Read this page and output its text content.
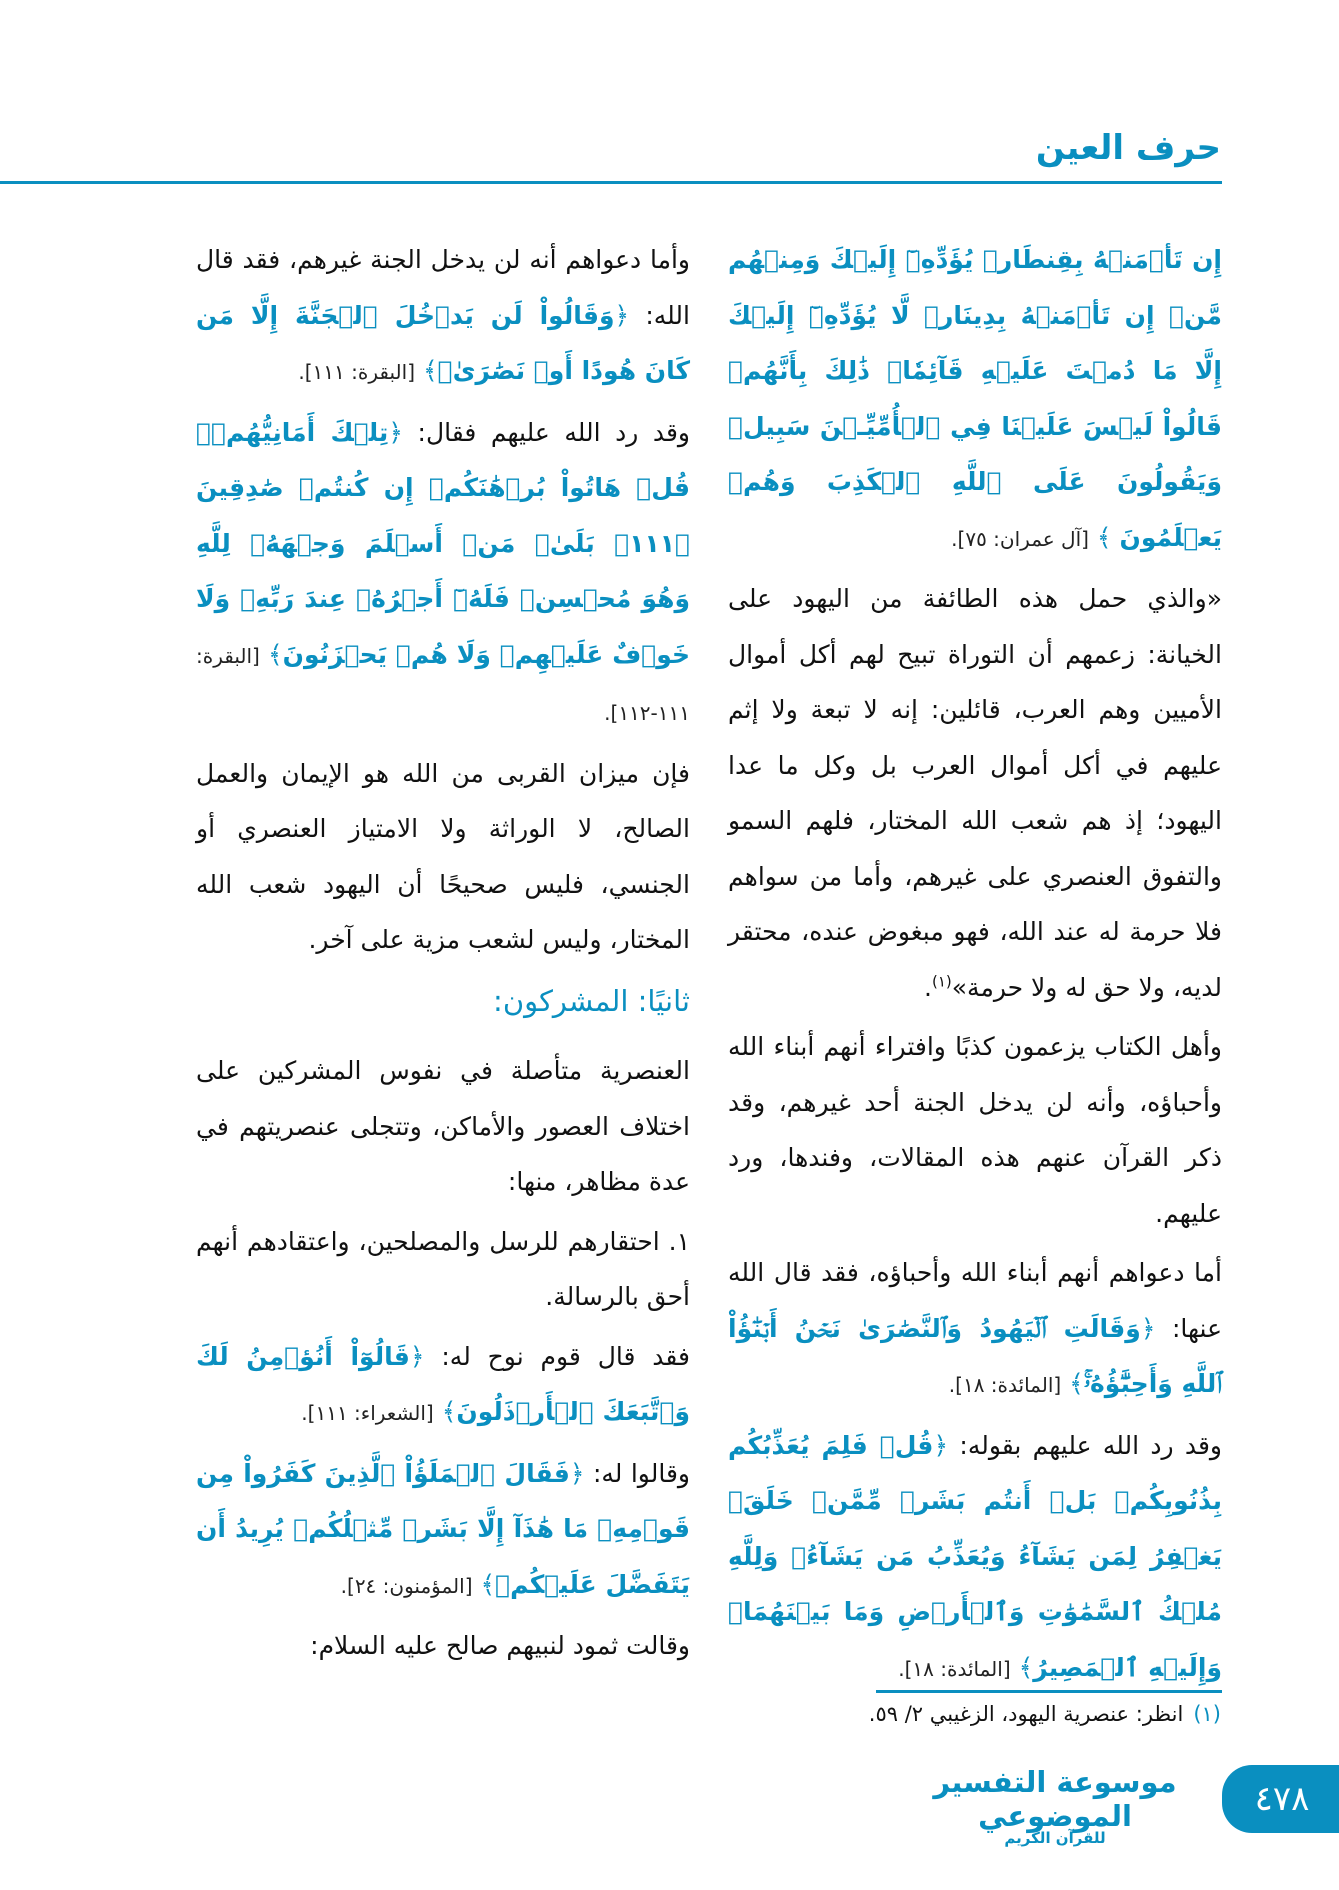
حرف العين

إِن تَأۡمَنۡهُ بِقِنطَارٖ يُؤَدِّهِۦٓ إِلَيۡكَ وَمِنۡهُم مَّنۡ إِن تَأۡمَنۡهُ بِدِينَارٖ لَّا يُؤَدِّهِۦٓ إِلَيۡكَ إِلَّا مَا دُمۡتَ عَلَيۡهِ قَآئِمٗاۗ ذَٰلِكَ بِأَنَّهُمۡ قَالُواْ لَيۡسَ عَلَيۡنَا فِي ٱلۡأُمِّيِّـۧنَ سَبِيلٞ وَيَقُولُونَ عَلَى ٱللَّهِ ٱلۡكَذِبَ وَهُمۡ يَعۡلَمُونَ ﴾ [آل عمران: ٧٥].

«والذي حمل هذه الطائفة من اليهود على الخيانة: زعمهم أن التوراة تبيح لهم أكل أموال الأميين وهم العرب، قائلين: إنه لا تبعة ولا إثم عليهم في أكل أموال العرب بل وكل ما عدا اليهود؛ إذ هم شعب الله المختار، فلهم السمو والتفوق العنصري على غيرهم، وأما من سواهم فلا حرمة له عند الله، فهو مبغوض عنده، محتقر لديه، ولا حق له ولا حرمة»$^{(١)}$.

وأهل الكتاب يزعمون كذبًا وافتراء أنهم أبناء الله وأحباؤه، وأنه لن يدخل الجنة أحد غيرهم، وقد ذكر القرآن عنهم هذه المقالات، وفندها، ورد عليهم.

أما دعواهم أنهم أبناء الله وأحباؤه، فقد قال الله عنها: ﴿وَقَالَتِ ٱلۡيَهُودُ وَٱلنَّصَٰرَىٰ نَحۡنُ أَبۡنَٰٓؤُاْ ٱللَّهِ وَأَحِبَّٰٓؤُهُۥۚ﴾ [المائدة: ١٨].

وقد رد الله عليهم بقوله: ﴿قُلۡ فَلِمَ يُعَذِّبُكُم بِذُنُوبِكُمۖ بَلۡ أَنتُم بَشَرٞ مِّمَّنۡ خَلَقَۚ يَغۡفِرُ لِمَن يَشَآءُ وَيُعَذِّبُ مَن يَشَآءُۚ وَلِلَّهِ مُلۡكُ ٱلسَّمَٰوَٰتِ وَٱلۡأَرۡضِ وَمَا بَيۡنَهُمَاۖ وَإِلَيۡهِ ٱلۡمَصِيرُ﴾ [المائدة: ١٨].

وأما دعواهم أنه لن يدخل الجنة غيرهم، فقد قال الله: ﴿وَقَالُواْ لَن يَدۡخُلَ ٱلۡجَنَّةَ إِلَّا مَن كَانَ هُودًا أَوۡ نَصَٰرَىٰۗ﴾ [البقرة: ١١١].

وقد رد الله عليهم فقال: ﴿تِلۡكَ أَمَانِيُّهُمۡۗ قُلۡ هَاتُواْ بُرۡهَٰنَكُمۡ إِن كُنتُمۡ صَٰدِقِينَ ﴿١١١﴾ بَلَىٰۚ مَنۡ أَسۡلَمَ وَجۡهَهُۥ لِلَّهِ وَهُوَ مُحۡسِنٞ فَلَهُۥٓ أَجۡرُهُۥ عِندَ رَبِّهِۦ وَلَا خَوۡفٌ عَلَيۡهِمۡ وَلَا هُمۡ يَحۡزَنُونَ﴾ [البقرة: ١١١-١١٢].

فإن ميزان القربى من الله هو الإيمان والعمل الصالح، لا الوراثة ولا الامتياز العنصري أو الجنسي، فليس صحيحًا أن اليهود شعب الله المختار، وليس لشعب مزية على آخر.

ثانيًا: المشركون:

العنصرية متأصلة في نفوس المشركين على اختلاف العصور والأماكن، وتتجلى عنصريتهم في عدة مظاهر، منها:

١. احتقارهم للرسل والمصلحين، واعتقادهم أنهم أحق بالرسالة.

فقد قال قوم نوح له: ﴿قَالُوٓاْ أَنُؤۡمِنُ لَكَ وَٱتَّبَعَكَ ٱلۡأَرۡذَلُونَ﴾ [الشعراء: ١١١].

وقالوا له: ﴿فَقَالَ ٱلۡمَلَؤُاْ ٱلَّذِينَ كَفَرُواْ مِن قَوۡمِهِۦ مَا هَٰذَآ إِلَّا بَشَرٞ مِّثۡلُكُمۡ يُرِيدُ أَن يَتَفَضَّلَ عَلَيۡكُمۡ﴾ [المؤمنون: ٢٤].

وقالت ثمود لنبيهم صالح عليه السلام:

(١)انظر: عنصرية اليهود، الزغيبي ٢/ ٥٩.
موسوعة التفسير الموضوعي
للقرآن الكريم
٤٧٨
